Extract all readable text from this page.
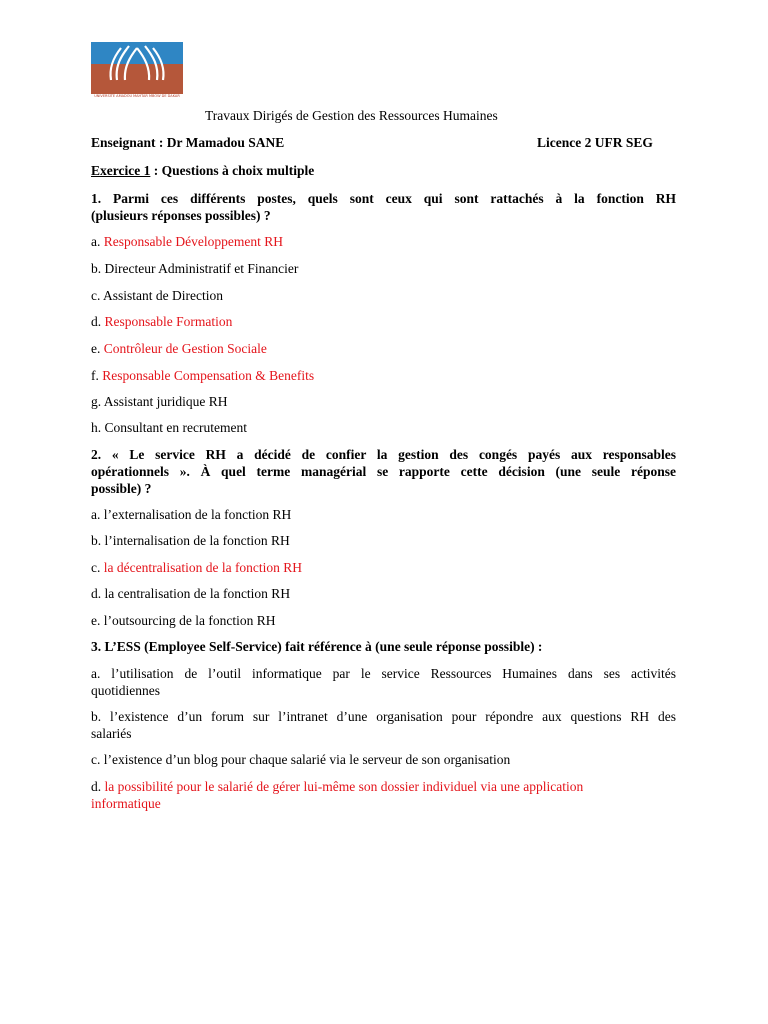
UNIVERSITE AMADOU MAHTAR MBOW DE DAKAR
Travaux Dirigés de Gestion des Ressources Humaines
Enseignant : Dr Mamadou SANE	Licence 2 UFR SEG
Exercice 1 : Questions à choix multiple
1. Parmi ces différents postes, quels sont ceux qui sont rattachés à la fonction RH
(plusieurs réponses possibles) ?
a. Responsable Développement RH
b. Directeur Administratif et Financier
c. Assistant de Direction
d. Responsable Formation
e. Contrôleur de Gestion Sociale
f. Responsable Compensation & Benefits
g. Assistant juridique RH
h. Consultant en recrutement
2. « Le service RH a décidé de confier la gestion des congés payés aux responsables
opérationnels ». À quel terme managérial se rapporte cette décision (une seule réponse
possible) ?
a. l’externalisation de la fonction RH
b. l’internalisation de la fonction RH
c. la décentralisation de la fonction RH
d. la centralisation de la fonction RH
e. l’outsourcing de la fonction RH
3. L’ESS (Employee Self-Service) fait référence à (une seule réponse possible) :
a. l’utilisation de l’outil informatique par le service Ressources Humaines dans ses activités
quotidiennes
b. l’existence d’un forum sur l’intranet d’une organisation pour répondre aux questions RH des
salariés
c. l’existence d’un blog pour chaque salarié via le serveur de son organisation
d. la possibilité pour le salarié de gérer lui-même son dossier individuel via une application
informatique
